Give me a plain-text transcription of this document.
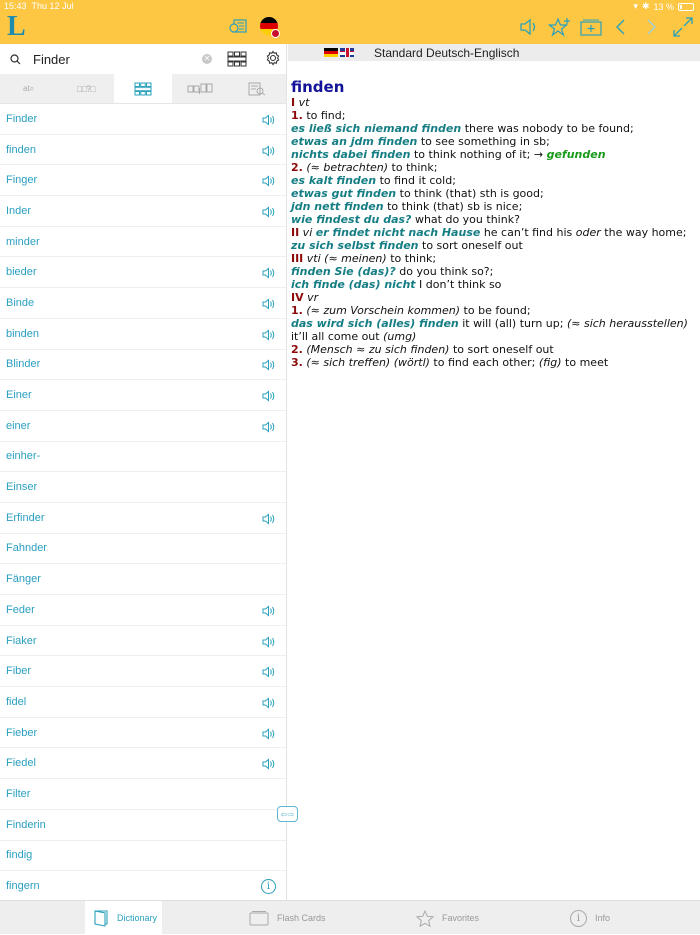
15:43 Thu 12 Jul	▾ ✱ 13 %
L
Finder
✕
at⌕	□□?□
Finder
finden
Finger
Inder
minder
bieder
Binde
binden
Blinder
Einer
einer
einher-
Einser
Erfinder
Fahnder
Fänger
Feder
Fiaker
Fiber
fidel
Fieber
Fiedel
Filter
Finderin
findig
fingern	i
Standard Deutsch-Englisch
finden
I vt
1. to find;
es ließ sich niemand finden there was nobody to be found;
etwas an jdm finden to see something in sb;
nichts dabei finden to think nothing of it; → gefunden
2. (≈ betrachten) to think;
es kalt finden to find it cold;
etwas gut finden to think (that) sth is good;
jdn nett finden to think (that) sb is nice;
wie findest du das? what do you think?
II vi er findet nicht nach Hause he can’t find his oder the way home;
zu sich selbst finden to sort oneself out
III vti (≈ meinen) to think;
finden Sie (das)? do you think so?;
ich finde (das) nicht I don’t think so
IV vr
1. (≈ zum Vorschein kommen) to be found;
das wird sich (alles) finden it will (all) turn up; (≈ sich herausstellen)
it’ll all come out (umg)
2. (Mensch ≈ zu sich finden) to sort oneself out
3. (≈ sich treffen) (wörtl) to find each other; (fig) to meet
⇦⇨
Dictionary	Flash Cards	Favorites	i	Info
